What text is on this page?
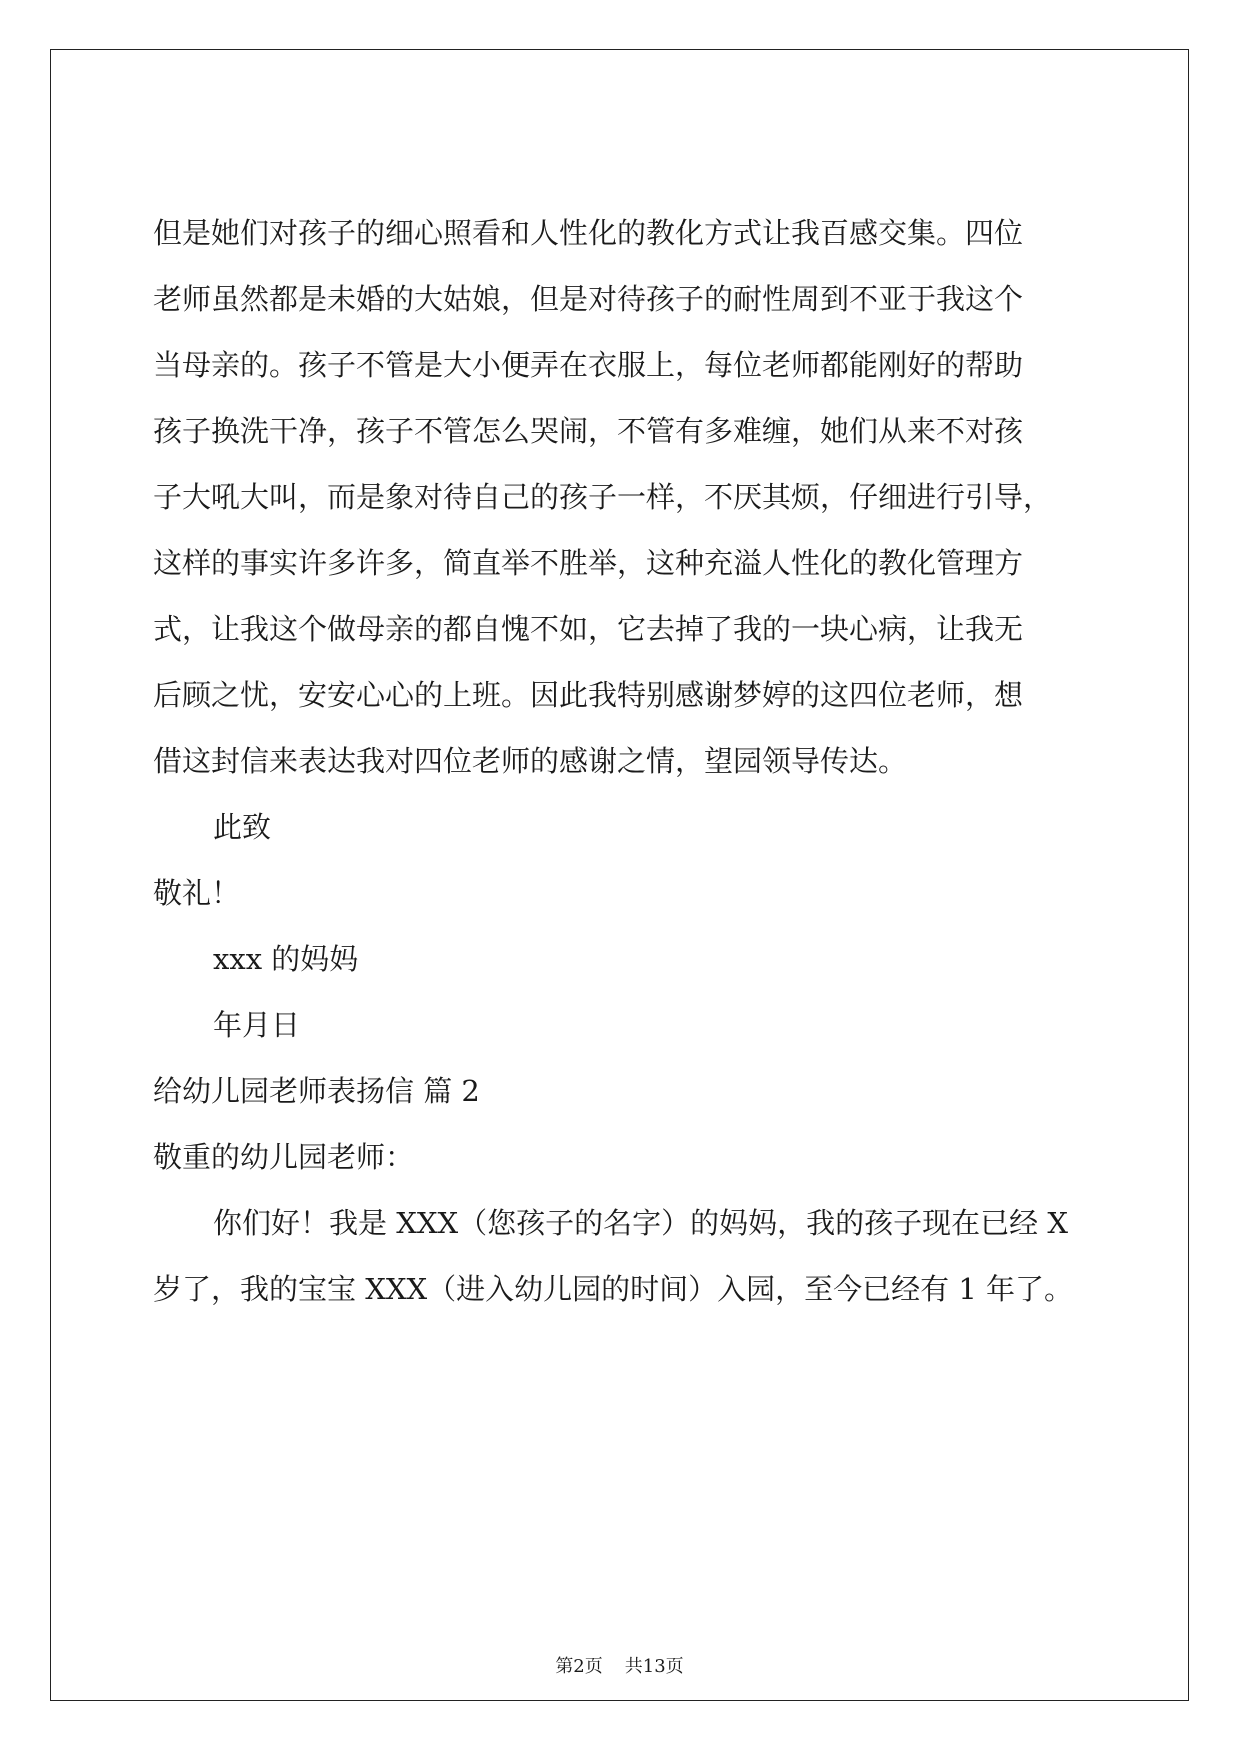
但是她们对孩子的细心照看和人性化的教化方式让我百感交集。四位

老师虽然都是未婚的大姑娘，但是对待孩子的耐性周到不亚于我这个

当母亲的。孩子不管是大小便弄在衣服上，每位老师都能刚好的帮助

孩子换洗干净，孩子不管怎么哭闹，不管有多难缠，她们从来不对孩

子大吼大叫，而是象对待自己的孩子一样，不厌其烦，仔细进行引导，

这样的事实许多许多，简直举不胜举，这种充溢人性化的教化管理方

式，让我这个做母亲的都自愧不如，它去掉了我的一块心病，让我无

后顾之忧，安安心心的上班。因此我特别感谢梦婷的这四位老师，想

借这封信来表达我对四位老师的感谢之情，望园领导传达。

此致

敬礼！

xxx 的妈妈

年月日

给幼儿园老师表扬信 篇 2

敬重的幼儿园老师：

你们好！我是 XXX（您孩子的名字）的妈妈，我的孩子现在已经 X

岁了，我的宝宝 XXX（进入幼儿园的时间）入园，至今已经有 1 年了。

第2页 共13页
